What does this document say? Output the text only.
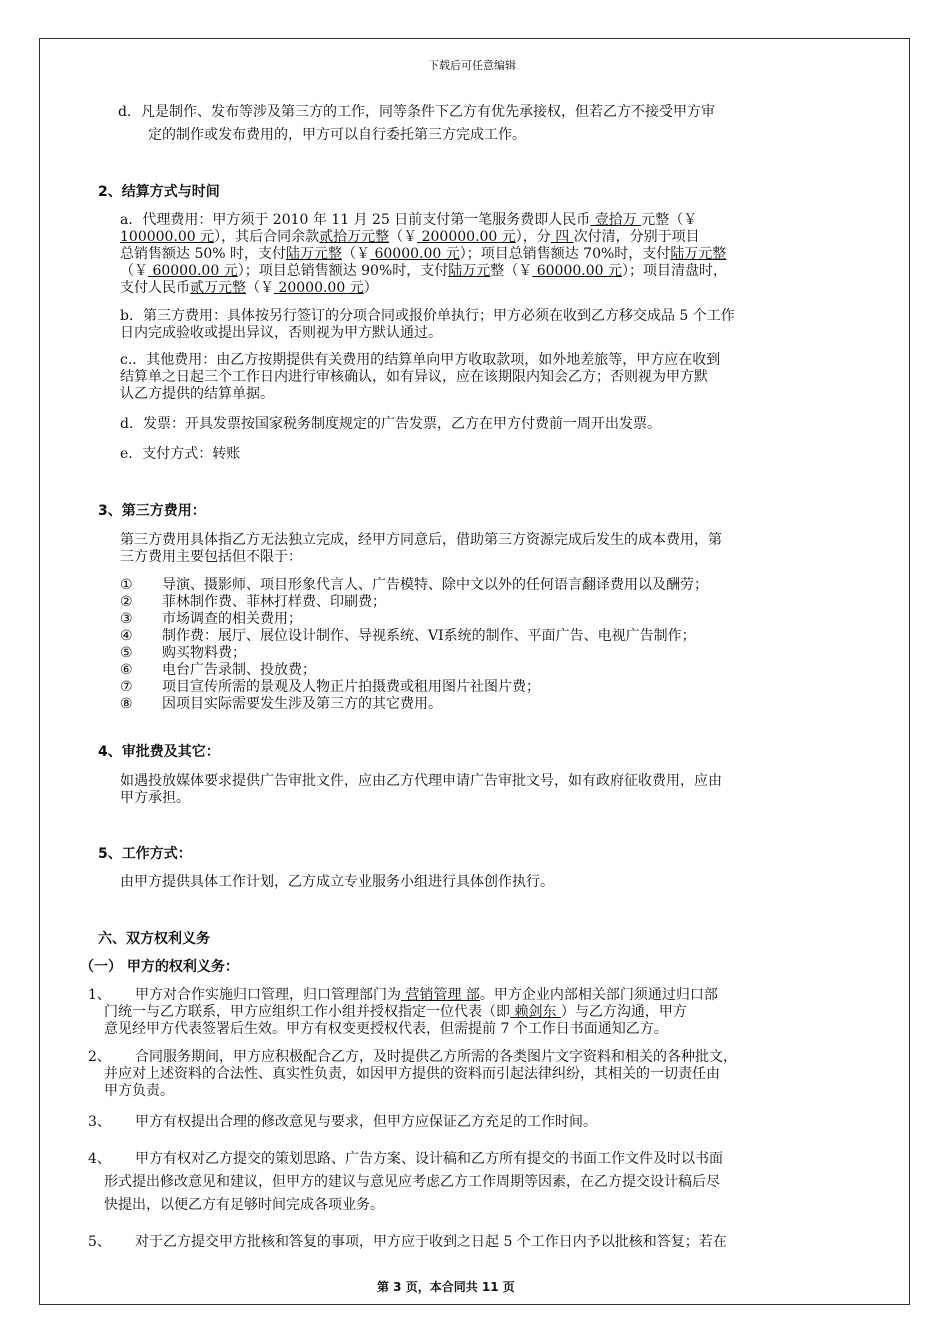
下载后可任意编辑
d．凡是制作、发布等涉及第三方的工作，同等条件下乙方有优先承接权，但若乙方不接受甲方审
定的制作或发布费用的，甲方可以自行委托第三方完成工作。
2、结算方式与时间
a．代理费用：甲方须于 2010 年 11 月 25 日前支付第一笔服务费即人民币 壹拾万 元整（￥
100000.00 元），其后合同余款贰拾万元整（￥ 200000.00 元），分 四 次付清，分别于项目
总销售额达 50% 时，支付陆万元整（￥ 60000.00 元）；项目总销售额达 70%时，支付陆万元整
（￥ 60000.00 元）；项目总销售额达 90%时，支付陆万元整（￥ 60000.00 元）；项目清盘时，
支付人民币贰万元整（￥ 20000.00 元）
b．第三方费用：具体按另行签订的分项合同或报价单执行；甲方必须在收到乙方移交成品 5 个工作
日内完成验收或提出异议，否则视为甲方默认通过。
c.．其他费用：由乙方按期提供有关费用的结算单向甲方收取款项，如外地差旅等，甲方应在收到
结算单之日起三个工作日内进行审核确认，如有异议，应在该期限内知会乙方；否则视为甲方默
认乙方提供的结算单据。
d．发票：开具发票按国家税务制度规定的广告发票，乙方在甲方付费前一周开出发票。
e．支付方式：转账
3、第三方费用：
第三方费用具体指乙方无法独立完成，经甲方同意后，借助第三方资源完成后发生的成本费用，第
三方费用主要包括但不限于：
① 导演、摄影师、项目形象代言人、广告模特、除中文以外的任何语言翻译费用以及酬劳；
② 菲林制作费、菲林打样费、印刷费；
③ 市场调查的相关费用；
④ 制作费：展厅、展位设计制作、导视系统、VI系统的制作、平面广告、电视广告制作；
⑤ 购买物料费；
⑥ 电台广告录制、投放费；
⑦ 项目宣传所需的景观及人物正片拍摄费或租用图片社图片费；
⑧ 因项目实际需要发生涉及第三方的其它费用。
4、审批费及其它：
如遇投放媒体要求提供广告审批文件，应由乙方代理申请广告审批文号，如有政府征收费用，应由
甲方承担。
5、工作方式：
由甲方提供具体工作计划，乙方成立专业服务小组进行具体创作执行。
六、双方权利义务
（一） 甲方的权利义务：
1、 甲方对合作实施归口管理，归口管理部门为 营销管理 部。甲方企业内部相关部门须通过归口部
门统一与乙方联系，甲方应组织工作小组并授权指定一位代表（即 赖剑东 ）与乙方沟通，甲方
意见经甲方代表签署后生效。甲方有权变更授权代表，但需提前 7 个工作日书面通知乙方。
2、 合同服务期间，甲方应积极配合乙方，及时提供乙方所需的各类图片文字资料和相关的各种批文，
并应对上述资料的合法性、真实性负责，如因甲方提供的资料而引起法律纠纷，其相关的一切责任由
甲方负责。
3、 甲方有权提出合理的修改意见与要求，但甲方应保证乙方充足的工作时间。
4、 甲方有权对乙方提交的策划思路、广告方案、设计稿和乙方所有提交的书面工作文件及时以书面
形式提出修改意见和建议，但甲方的建议与意见应考虑乙方工作周期等因素，在乙方提交设计稿后尽
快提出，以便乙方有足够时间完成各项业务。
5、 对于乙方提交甲方批核和答复的事项，甲方应于收到之日起 5 个工作日内予以批核和答复；若在
第 3 页，本合同共 11 页
